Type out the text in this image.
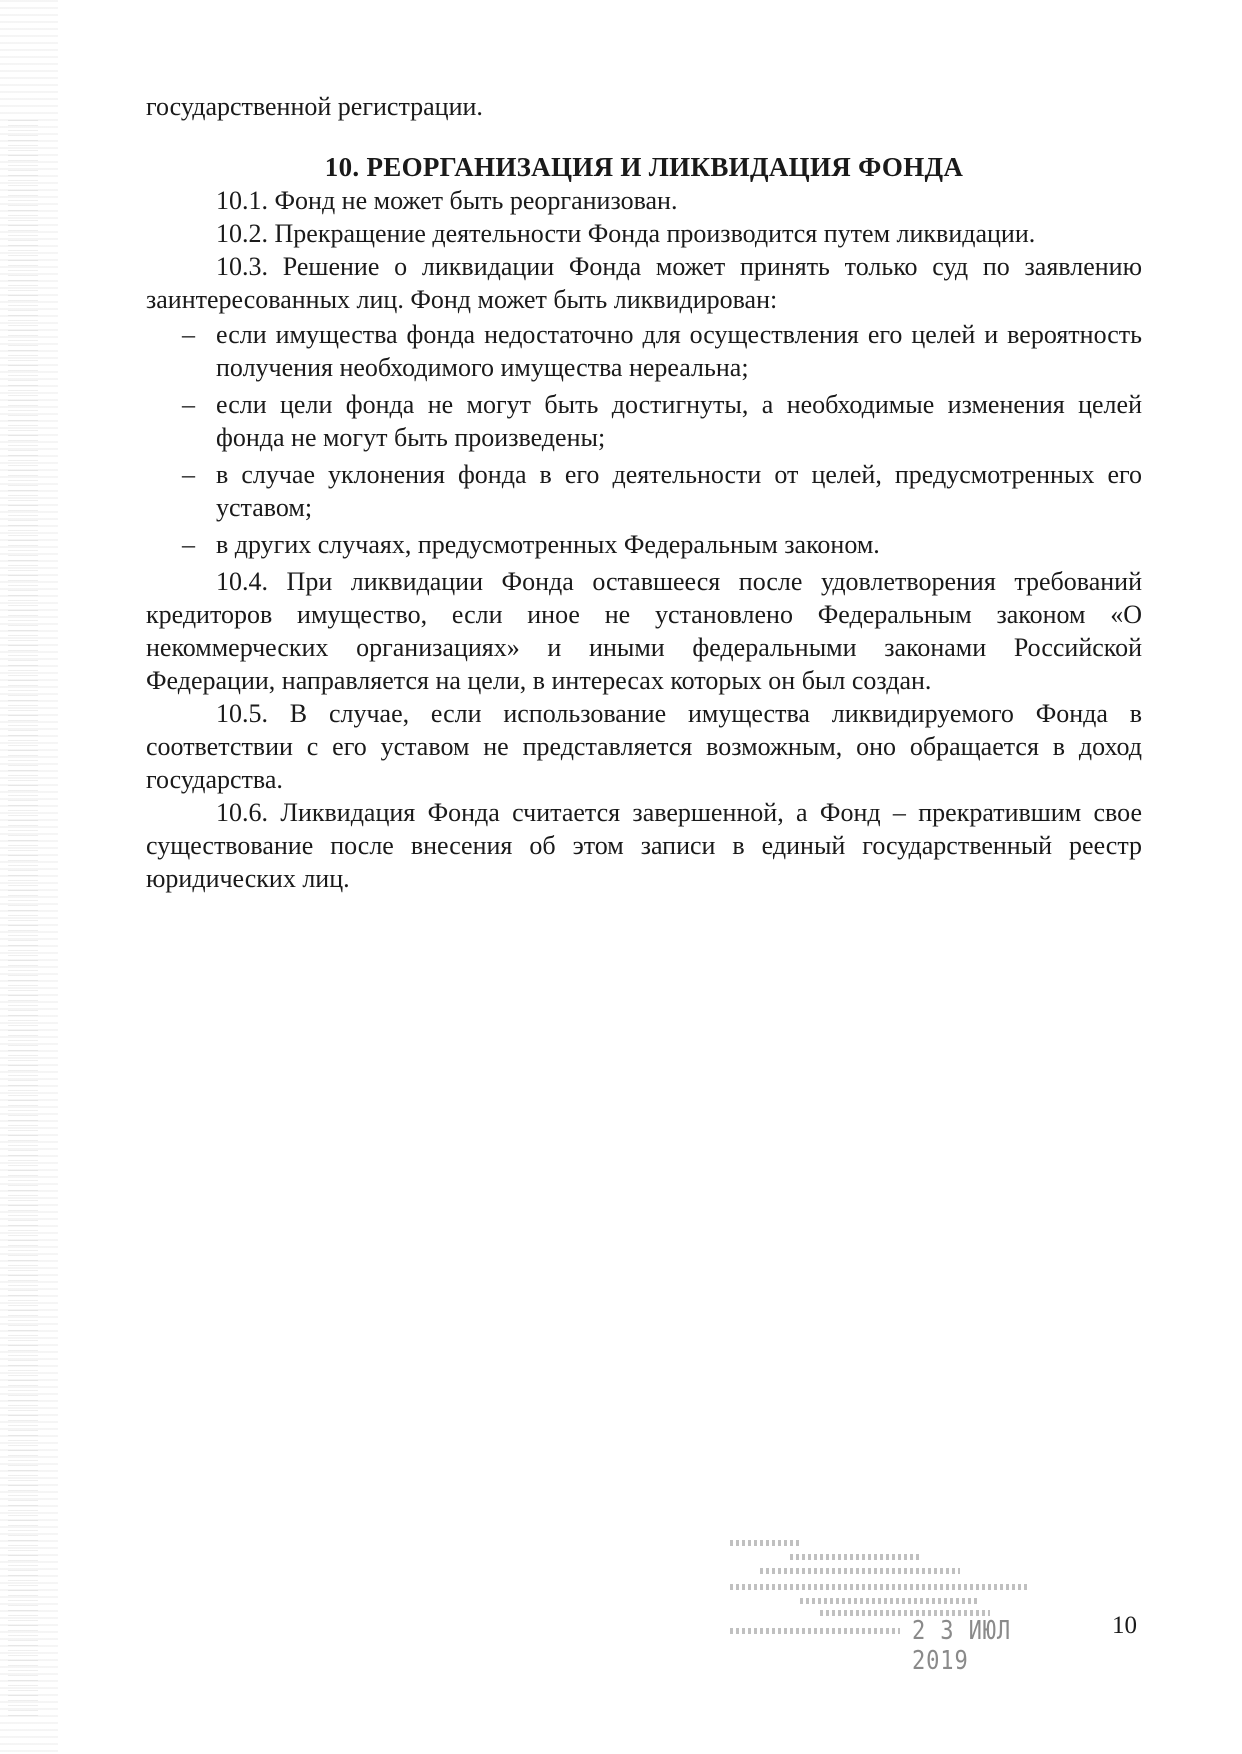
государственной регистрации.

10. РЕОРГАНИЗАЦИЯ И ЛИКВИДАЦИЯ ФОНДА

10.1. Фонд не может быть реорганизован.

10.2. Прекращение деятельности Фонда производится путем ликвидации.

10.3. Решение о ликвидации Фонда может принять только суд по заявлению заинтересованных лиц. Фонд может быть ликвидирован:

– если имущества фонда недостаточно для осуществления его целей и вероятность получения необходимого имущества нереальна;
– если цели фонда не могут быть достигнуты, а необходимые изменения целей фонда не могут быть произведены;
– в случае уклонения фонда в его деятельности от целей, предусмотренных его уставом;
– в других случаях, предусмотренных Федеральным законом.

10.4. При ликвидации Фонда оставшееся после удовлетворения требований кредиторов имущество, если иное не установлено Федеральным законом «О некоммерческих организациях» и иными федеральными законами Российской Федерации, направляется на цели, в интересах которых он был создан.

10.5. В случае, если использование имущества ликвидируемого Фонда в соответствии с его уставом не представляется возможным, оно обращается в доход государства.

10.6. Ликвидация Фонда считается завершенной, а Фонд – прекратившим свое существование после внесения об этом записи в единый государственный реестр юридических лиц.

2 3 ИЮЛ 2019
10
